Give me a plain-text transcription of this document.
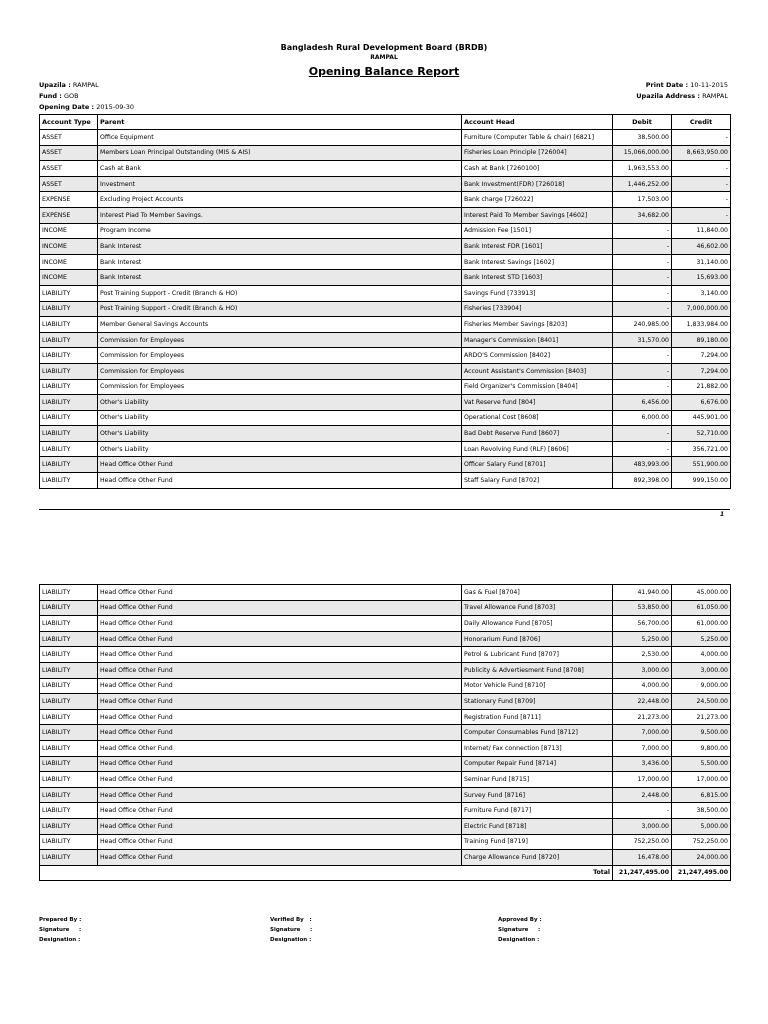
Bangladesh Rural Development Board (BRDB)
RAMPAL
Opening Balance Report
Upazila : RAMPAL
Fund : GOB
Opening Date : 2015-09-30
Print Date : 10-11-2015
Upazila Address : RAMPAL
Account Type	Parent	Account Head	Debit	Credit
ASSET	Office Equipment	Furniture (Computer Table & chair) [6821]	38,500.00	-
ASSET	Members Loan Principal Outstanding (MIS & AIS)	Fisheries Loan Principle [726004]	15,066,000.00	8,663,950.00
ASSET	Cash at Bank	Cash at Bank [7260100]	1,963,553.00	-
ASSET	Investment	Bank Investment(FDR) [726018]	1,446,252.00	-
EXPENSE	Excluding Project Accounts	Bank charge [726022]	17,503.00	-
EXPENSE	Interest Piad To Member Savings.	Interest Paid To Member Savings [4602]	34,682.00	-
INCOME	Program Income	Admission Fee [1501]	-	11,840.00
INCOME	Bank Interest	Bank Interest FDR [1601]	-	46,602.00
INCOME	Bank Interest	Bank Interest Savings [1602]	-	31,140.00
INCOME	Bank Interest	Bank Interest STD [1603]	-	15,693.00
LIABILITY	Post Training Support - Credit (Branch & HO)	Savings Fund [733913]	-	3,140.00
LIABILITY	Post Training Support - Credit (Branch & HO)	Fisheries [733904]	-	7,000,000.00
LIABILITY	Member General Savings Accounts	Fisheries Member Savings [8203]	240,985.00	1,833,984.00
LIABILITY	Commission for Employees	Manager's Commission [8401]	31,570.00	89,180.00
LIABILITY	Commission for Employees	ARDO'S Commission [8402]	-	7,294.00
LIABILITY	Commission for Employees	Account Assistant's Commission [8403]	-	7,294.00
LIABILITY	Commission for Employees	Field Organizer's Commission [8404]	-	21,882.00
LIABILITY	Other's Liability	Vat Reserve fund [804]	6,456.00	6,676.00
LIABILITY	Other's Liability	Operational Cost [8608]	6,000.00	445,901.00
LIABILITY	Other's Liability	Bad Debt Reserve Fund [8607]	-	52,710.00
LIABILITY	Other's Liability	Loan Revolving Fund (RLF) [8606]	-	356,721.00
LIABILITY	Head Office Other Fund	Officer Salary Fund [8701]	483,993.00	551,900.00
LIABILITY	Head Office Other Fund	Staff Salary Fund [8702]	892,398.00	999,150.00
1
LIABILITY	Head Office Other Fund	Gas & Fuel [8704]	41,940.00	45,000.00
LIABILITY	Head Office Other Fund	Travel Allowance Fund [8703]	53,850.00	61,050.00
LIABILITY	Head Office Other Fund	Daily Allowance Fund [8705]	56,700.00	61,000.00
LIABILITY	Head Office Other Fund	Honorarium Fund [8706]	5,250.00	5,250.00
LIABILITY	Head Office Other Fund	Petrol & Lubricant Fund [8707]	2,530.00	4,000.00
LIABILITY	Head Office Other Fund	Publicity & Advertiesment Fund [8708]	3,000.00	3,000.00
LIABILITY	Head Office Other Fund	Motor Vehicle Fund [8710]	4,000.00	9,000.00
LIABILITY	Head Office Other Fund	Stationary Fund [8709]	22,448.00	24,500.00
LIABILITY	Head Office Other Fund	Registration Fund [8711]	21,273.00	21,273.00
LIABILITY	Head Office Other Fund	Computer Consumables Fund [8712]	7,000.00	9,500.00
LIABILITY	Head Office Other Fund	Internet/ Fax connection [8713]	7,000.00	9,800.00
LIABILITY	Head Office Other Fund	Computer Repair Fund [8714]	3,436.00	5,500.00
LIABILITY	Head Office Other Fund	Seminar Fund [8715]	17,000.00	17,000.00
LIABILITY	Head Office Other Fund	Survey Fund [8716]	2,448.00	6,815.00
LIABILITY	Head Office Other Fund	Furniture Fund [8717]	-	38,500.00
LIABILITY	Head Office Other Fund	Electric Fund [8718]	3,000.00	5,000.00
LIABILITY	Head Office Other Fund	Training Fund [8719]	752,250.00	752,250.00
LIABILITY	Head Office Other Fund	Charge Allowance Fund [8720]	16,478.00	24,000.00
Total			21,247,495.00	21,247,495.00
Prepared By :
Signature     :
Designation :
Verified By   :
Signature     :
Designation :
Approved By :
Signature     :
Designation :
